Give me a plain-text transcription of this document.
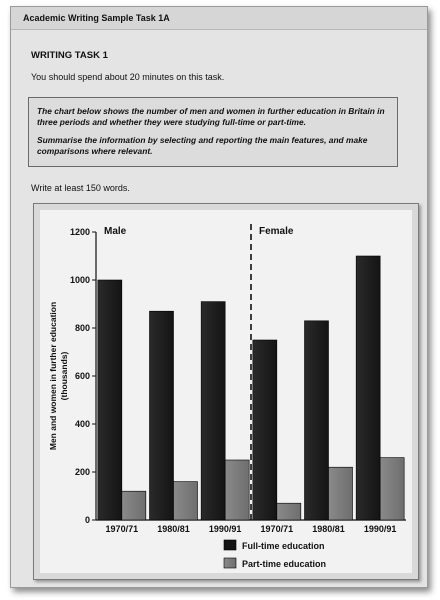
Academic Writing Sample Task 1A
WRITING TASK 1
You should spend about 20 minutes on this task.

The chart below shows the number of men and women in further education in Britain in three periods and whether they were studying full-time or part-time.

Summarise the information by selecting and reporting the main features, and make comparisons where relevant.

Write at least 150 words.
0
200
400
600
800
1000
1200
Men and women in further education (thousands)
Male
1970/71 1980/81 1990/91
Female
1970/71 1980/81 1990/91
Full-time education
Part-time education
